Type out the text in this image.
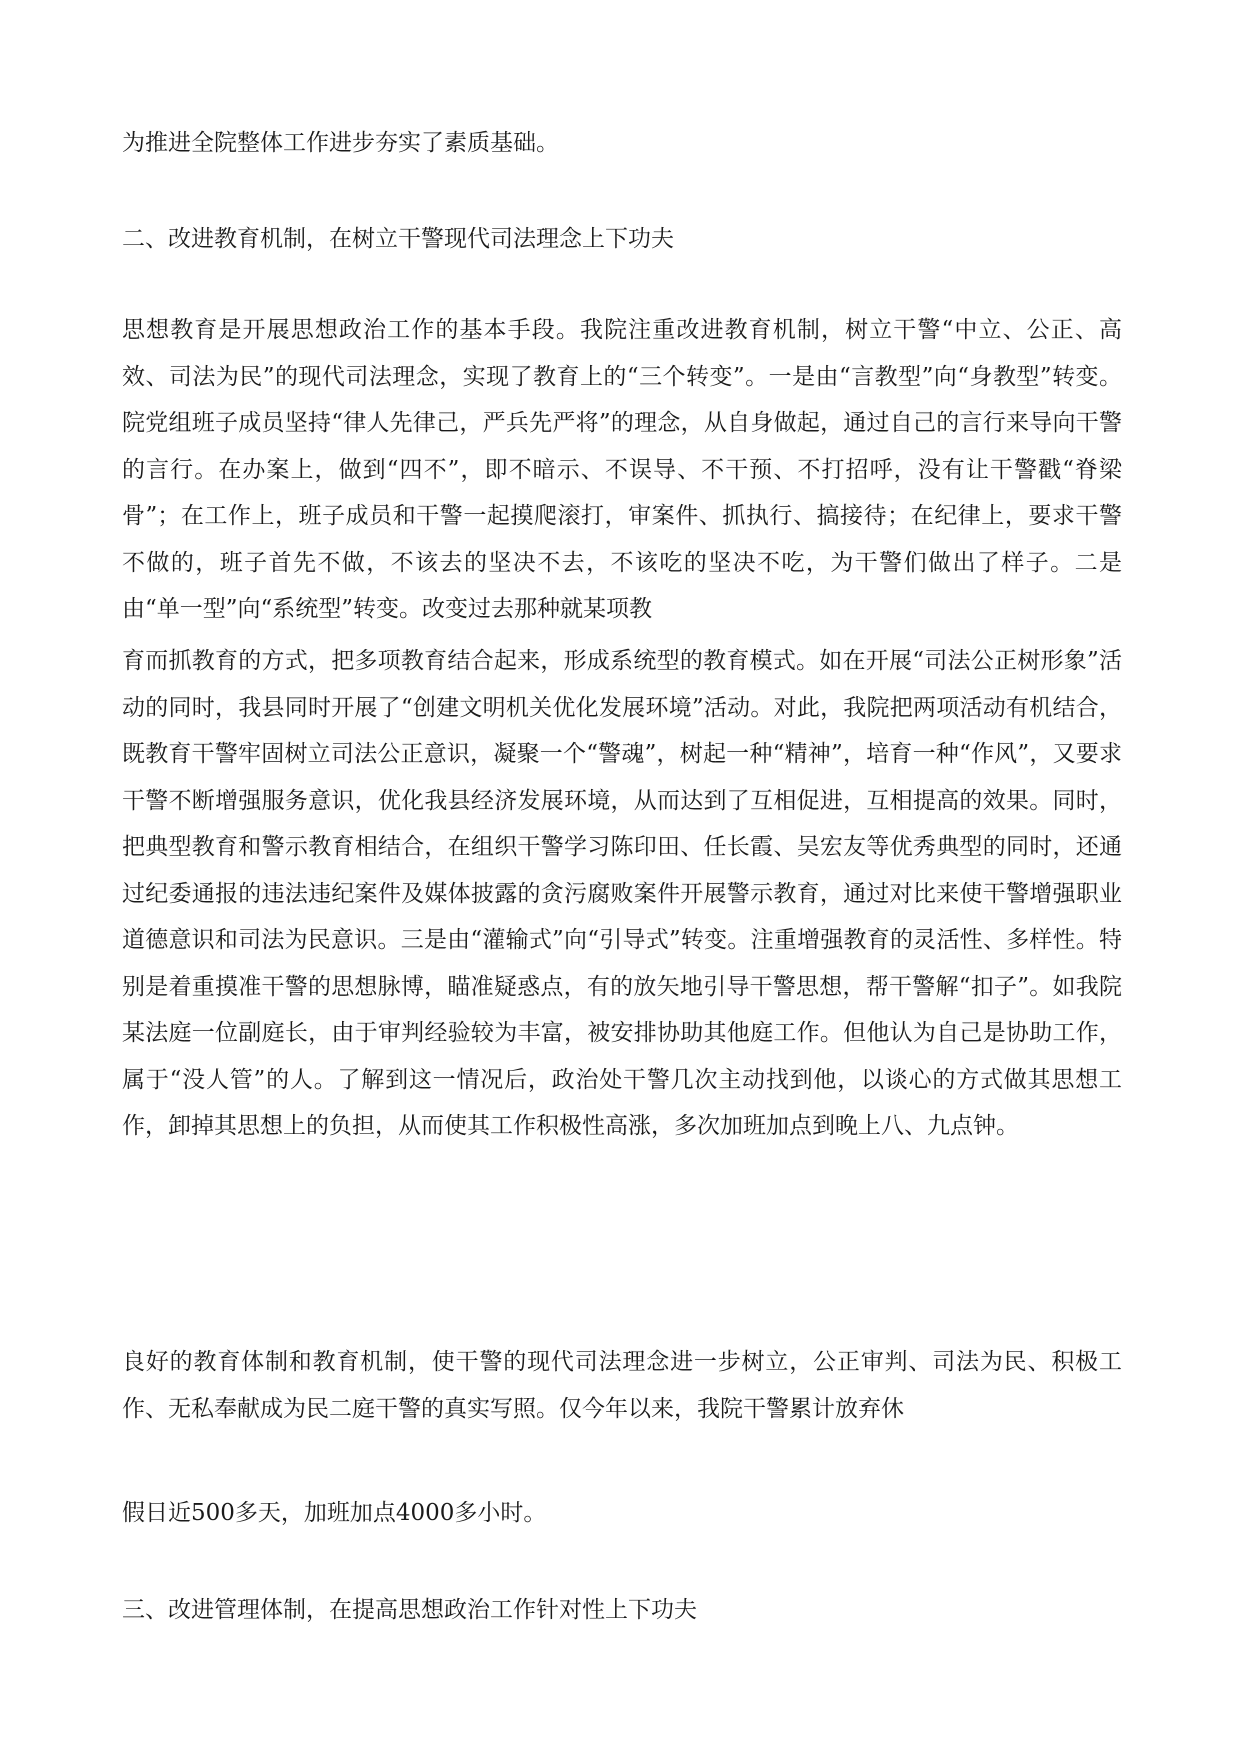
为推进全院整体工作进步夯实了素质基础。

二、改进教育机制，在树立干警现代司法理念上下功夫

思想教育是开展思想政治工作的基本手段。我院注重改进教育机制，树立干警“中立、公正、高效、司法为民”的现代司法理念，实现了教育上的“三个转变”。一是由“言教型”向“身教型”转变。院党组班子成员坚持“律人先律己，严兵先严将”的理念，从自身做起，通过自己的言行来导向干警的言行。在办案上，做到“四不”，即不暗示、不误导、不干预、不打招呼，没有让干警戳“脊梁骨”；在工作上，班子成员和干警一起摸爬滚打，审案件、抓执行、搞接待；在纪律上，要求干警不做的，班子首先不做，不该去的坚决不去，不该吃的坚决不吃，为干警们做出了样子。二是由“单一型”向“系统型”转变。改变过去那种就某项教

育而抓教育的方式，把多项教育结合起来，形成系统型的教育模式。如在开展“司法公正树形象”活动的同时，我县同时开展了“创建文明机关优化发展环境”活动。对此，我院把两项活动有机结合，既教育干警牢固树立司法公正意识，凝聚一个“警魂”，树起一种“精神”，培育一种“作风”，又要求干警不断增强服务意识，优化我县经济发展环境，从而达到了互相促进，互相提高的效果。同时，把典型教育和警示教育相结合，在组织干警学习陈印田、任长霞、吴宏友等优秀典型的同时，还通过纪委通报的违法违纪案件及媒体披露的贪污腐败案件开展警示教育，通过对比来使干警增强职业道德意识和司法为民意识。三是由“灌输式”向“引导式”转变。注重增强教育的灵活性、多样性。特别是着重摸准干警的思想脉博，瞄准疑惑点，有的放矢地引导干警思想，帮干警解“扣子”。如我院某法庭一位副庭长，由于审判经验较为丰富，被安排协助其他庭工作。但他认为自己是协助工作，属于“没人管”的人。了解到这一情况后，政治处干警几次主动找到他，以谈心的方式做其思想工作，卸掉其思想上的负担，从而使其工作积极性高涨，多次加班加点到晚上八、九点钟。

良好的教育体制和教育机制，使干警的现代司法理念进一步树立，公正审判、司法为民、积极工作、无私奉献成为民二庭干警的真实写照。仅今年以来，我院干警累计放弃休

假日近500多天，加班加点4000多小时。

三、改进管理体制，在提高思想政治工作针对性上下功夫
